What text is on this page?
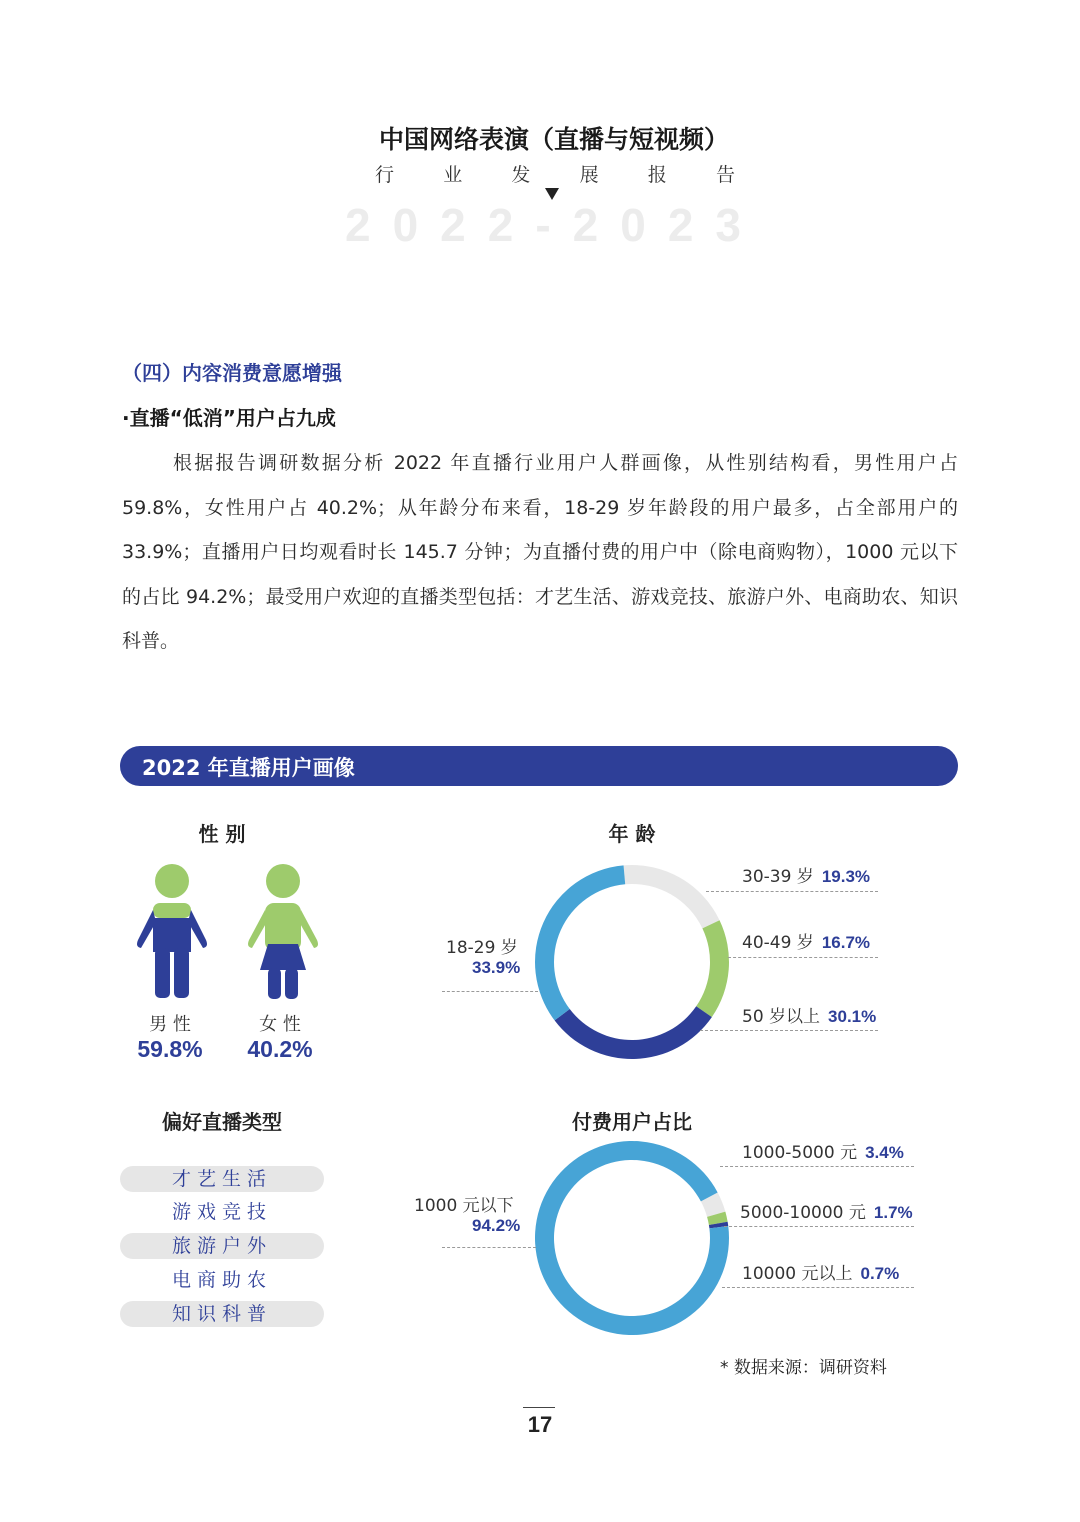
中国网络表演（直播与短视频）
行	业	发	展	报	告
2022-2023
（四）内容消费意愿增强
·直播“低消”用户占九成
根据报告调研数据分析 2022 年直播行业用户人群画像，从性别结构看，男性用户占 59.8%，女性用户占 40.2%；从年龄分布来看，18-29 岁年龄段的用户最多，占全部用户的 33.9%；直播用户日均观看时长 145.7 分钟；为直播付费的用户中（除电商购物），1000 元以下的占比 94.2%；最受用户欢迎的直播类型包括：才艺生活、游戏竞技、旅游户外、电商助农、知识科普。
2022 年直播用户画像
性 别
男 性
59.8%
女 性
40.2%
年 龄
18-29 岁
33.9%
30-39 岁 19.3%
40-49 岁 16.7%
50 岁以上 30.1%
偏好直播类型
才艺生活
游戏竞技
旅游户外
电商助农
知识科普
付费用户占比
1000 元以下
94.2%
1000-5000 元 3.4%
5000-10000 元 1.7%
10000 元以上 0.7%
* 数据来源：调研资料
17
